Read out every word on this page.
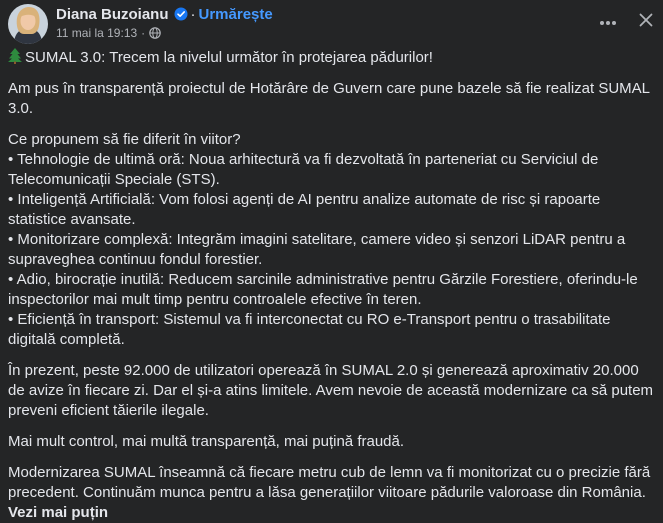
Diana Buzoianu · Urmărește
11 mai la 19:13 ·

SUMAL 3.0: Trecem la nivelul următor în protejarea pădurilor!

Am pus în transparență proiectul de Hotărâre de Guvern care pune bazele să fie realizat SUMAL 3.0.

Ce propunem să fie diferit în viitor?

• Tehnologie de ultimă oră: Noua arhitectură va fi dezvoltată în parteneriat cu Serviciul de Telecomunicații Speciale (STS).

• Inteligență Artificială: Vom folosi agenți de AI pentru analize automate de risc și rapoarte statistice avansate.

• Monitorizare complexă: Integrăm imagini satelitare, camere video și senzori LiDAR pentru a supraveghea continuu fondul forestier.

• Adio, birocrație inutilă: Reducem sarcinile administrative pentru Gărzile Forestiere, oferindu-le inspectorilor mai mult timp pentru controalele efective în teren.

• Eficiență în transport: Sistemul va fi interconectat cu RO e-Transport pentru o trasabilitate digitală completă.

În prezent, peste 92.000 de utilizatori operează în SUMAL 2.0 și generează aproximativ 20.000 de avize în fiecare zi. Dar el și-a atins limitele. Avem nevoie de această modernizare ca să putem preveni eficient tăierile ilegale.

Mai mult control, mai multă transparență, mai puțină fraudă.

Modernizarea SUMAL înseamnă că fiecare metru cub de lemn va fi monitorizat cu o precizie fără precedent. Continuăm munca pentru a lăsa generațiilor viitoare pădurile valoroase din România.

Vezi mai puțin
